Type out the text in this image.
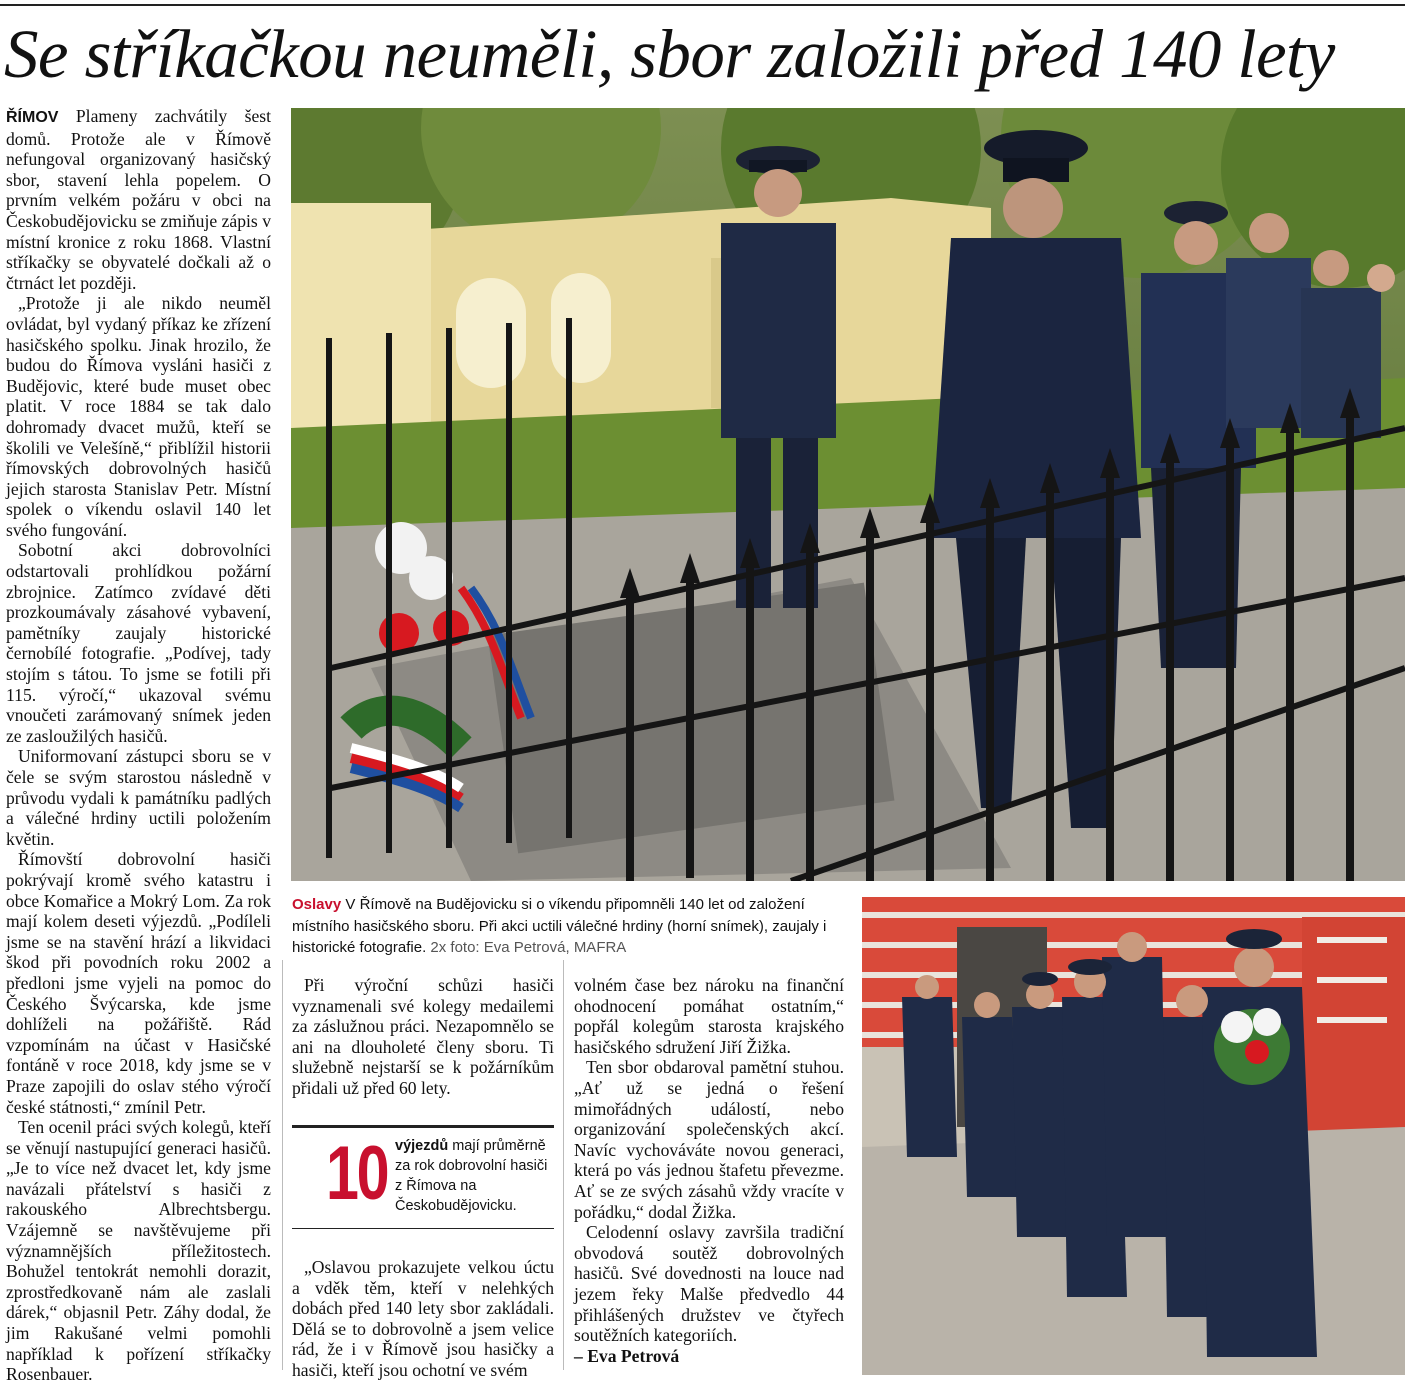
Se stříkačkou neuměli, sbor založili před 140 lety

ŘÍMOV Plameny zachvátily šest domů. Protože ale v Římově nefungoval organizovaný hasičský sbor, stavení lehla popelem. O prvním velkém požáru v obci na Českobudějovicku se zmiňuje zápis v místní kronice z roku 1868. Vlastní stříkačky se obyvatelé dočkali až o čtrnáct let později.

„Protože ji ale nikdo neuměl ovládat, byl vydaný příkaz ke zřízení hasičského spolku. Jinak hrozilo, že budou do Římova vysláni hasiči z Budějovic, které bude muset obec platit. V roce 1884 se tak dalo dohromady dvacet mužů, kteří se školili ve Velešíně,“ přiblížil historii římovských dobrovolných hasičů jejich starosta Stanislav Petr. Místní spolek o víkendu oslavil 140 let svého fungování.

Sobotní akci dobrovolníci odstartovali prohlídkou požární zbrojnice. Zatímco zvídavé děti prozkoumávaly zásahové vybavení, pamětníky zaujaly historické černobílé fotografie. „Podívej, tady stojím s tátou. To jsme se fotili při 115. výročí,“ ukazoval svému vnoučeti zarámovaný snímek jeden ze zasloužilých hasičů.

Uniformovaní zástupci sboru se v čele se svým starostou následně v průvodu vydali k památníku padlých a válečné hrdiny uctili položením květin.

Římovští dobrovolní hasiči pokrývají kromě svého katastru i obce Komařice a Mokrý Lom. Za rok mají kolem deseti výjezdů. „Podíleli jsme se na stavění hrází a likvidaci škod při povodních roku 2002 a předloni jsme vyjeli na pomoc do Českého Švýcarska, kde jsme dohlíželi na požářiště. Rád vzpomínám na účast v Hasičské fontáně v roce 2018, kdy jsme se v Praze zapojili do oslav stého výročí české státnosti,“ zmínil Petr.

Ten ocenil práci svých kolegů, kteří se věnují nastupující generaci hasičů. „Je to více než dvacet let, kdy jsme navázali přátelství s hasiči z rakouského Albrechtsbergu. Vzájemně se navštěvujeme při významnějších příležitostech. Bohužel tentokrát nemohli dorazit, zprostředkovaně nám ale zaslali dárek,“ objasnil Petr. Záhy dodal, že jim Rakušané velmi pomohli například k pořízení stříkačky Rosenbauer.

Oslavy V Římově na Budějovicku si o víkendu připomněli 140 let od založení místního hasičského sboru. Při akci uctili válečné hrdiny (horní snímek), zaujaly i historické fotografie. 2x foto: Eva Petrová, MAFRA

Při výroční schůzi hasiči vyznamenali své kolegy medailemi za záslužnou práci. Nezapomnělo se ani na dlouholeté členy sboru. Ti služebně nejstarší se k požárníkům přidali už před 60 lety.

10 výjezdů mají průměrně za rok dobrovolní hasiči z Římova na Českobudějovicku.

„Oslavou prokazujete velkou úctu a vděk těm, kteří v nelehkých dobách před 140 lety sbor zakládali. Dělá se to dobrovolně a jsem velice rád, že i v Římově jsou hasičky a hasiči, kteří jsou ochotní ve svém

volném čase bez nároku na finanční ohodnocení pomáhat ostatním,“ popřál kolegům starosta krajského hasičského sdružení Jiří Žižka.

Ten sbor obdaroval pamětní stuhou. „Ať už se jedná o řešení mimořádných událostí, nebo organizování společenských akcí. Navíc vychováváte novou generaci, která po vás jednou štafetu převezme. Ať se ze svých zásahů vždy vracíte v pořádku,“ dodal Žižka.

Celodenní oslavy završila tradiční obvodová soutěž dobrovolných hasičů. Své dovednosti na louce nad jezem řeky Malše předvedlo 44 přihlášených družstev ve čtyřech soutěžních kategoriích.

– Eva Petrová
